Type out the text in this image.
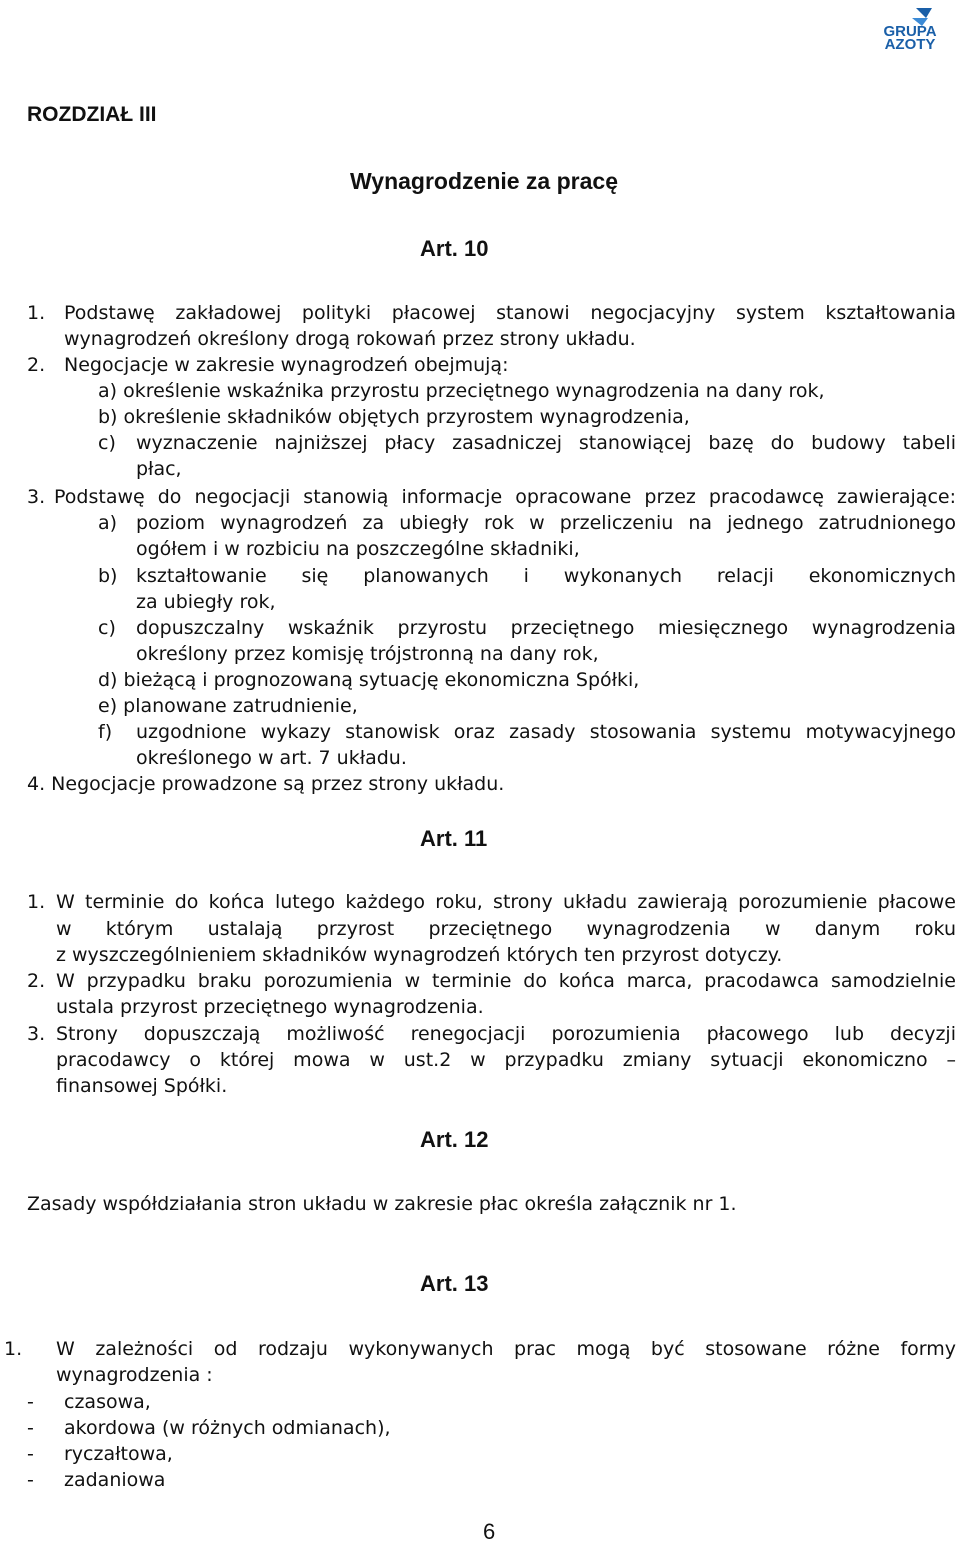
GRUPA
AZOTY
ROZDZIAŁ III
Wynagrodzenie za pracę
Art. 10
1. Podstawę zakładowej polityki płacowej stanowi negocjacyjny system kształtowania
wynagrodzeń określony drogą rokowań przez strony układu.
2. Negocjacje w zakresie wynagrodzeń obejmują:
a) określenie wskaźnika przyrostu przeciętnego wynagrodzenia na dany rok,
b) określenie składników objętych przyrostem wynagrodzenia,
c) wyznaczenie najniższej płacy zasadniczej stanowiącej bazę do budowy tabeli
płac,
3. Podstawę do negocjacji stanowią informacje opracowane przez pracodawcę zawierające:
a) poziom wynagrodzeń za ubiegły rok w przeliczeniu na jednego zatrudnionego
ogółem i w rozbiciu na poszczególne składniki,
b) kształtowanie się planowanych i wykonanych relacji ekonomicznych
za ubiegły rok,
c) dopuszczalny wskaźnik przyrostu przeciętnego miesięcznego wynagrodzenia
określony przez komisję trójstronną na dany rok,
d) bieżącą i prognozowaną sytuację ekonomiczna Spółki,
e) planowane zatrudnienie,
f) uzgodnione wykazy stanowisk oraz zasady stosowania systemu motywacyjnego
określonego w art. 7 układu.
4. Negocjacje prowadzone są przez strony układu.
Art. 11
1. W terminie do końca lutego każdego roku, strony układu zawierają porozumienie płacowe
w którym ustalają przyrost przeciętnego wynagrodzenia w danym roku
z wyszczególnieniem składników wynagrodzeń których ten przyrost dotyczy.
2. W przypadku braku porozumienia w terminie do końca marca, pracodawca samodzielnie
ustala przyrost przeciętnego wynagrodzenia.
3. Strony dopuszczają możliwość renegocjacji porozumienia płacowego lub decyzji
pracodawcy o której mowa w ust.2 w przypadku zmiany sytuacji ekonomiczno –
finansowej Spółki.
Art. 12
Zasady współdziałania stron układu w zakresie płac określa załącznik nr 1.
Art. 13
1. W zależności od rodzaju wykonywanych prac mogą być stosowane różne formy
wynagrodzenia :
- czasowa,
- akordowa (w różnych odmianach),
- ryczałtowa,
- zadaniowa
6
